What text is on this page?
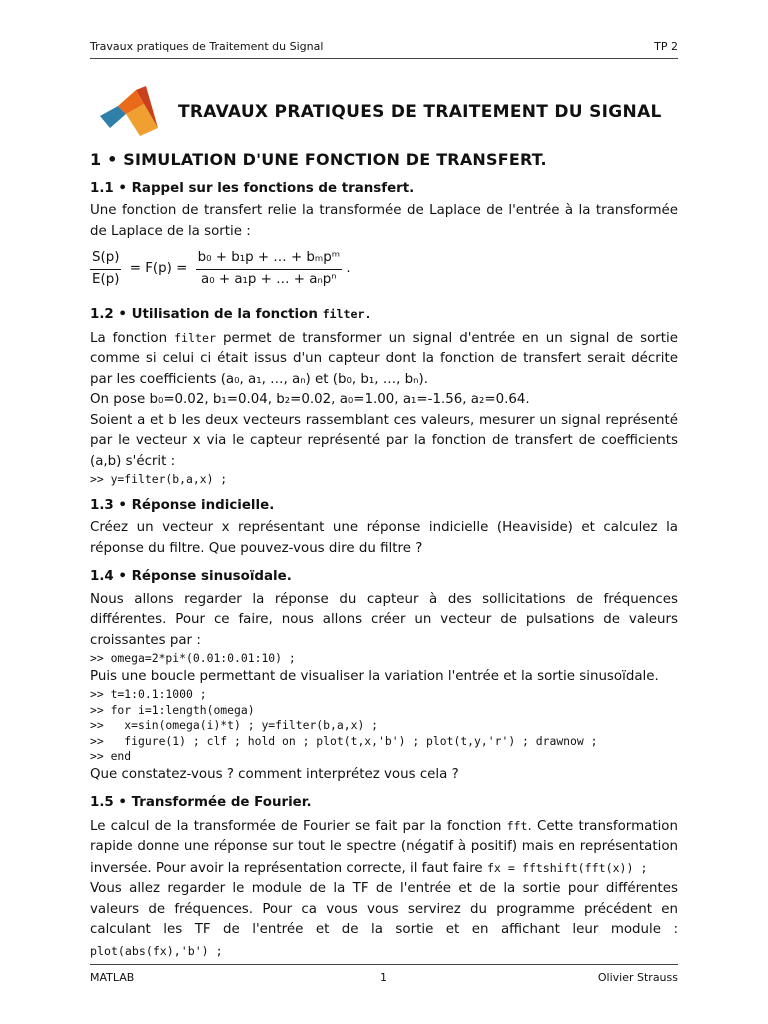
Travaux pratiques de Traitement du Signal	TP 2
TRAVAUX PRATIQUES DE TRAITEMENT DU SIGNAL
1 • SIMULATION D'UNE FONCTION DE TRANSFERT.
1.1 • Rappel sur les fonctions de transfert.

Une fonction de transfert relie la transformée de Laplace de l'entrée à la transformée de Laplace de la sortie :

$\frac{S(p)}{E(p)} = F(p) = \frac{\text{b₀ + b₁p + … + bₘpᵐ}}{\text{a₀ + a₁p + … + aₙpⁿ}}$ .
1.2 • Utilisation de la fonction filter.

La fonction filter permet de transformer un signal d'entrée en un signal de sortie comme si celui ci était issus d'un capteur dont la fonction de transfert serait décrite par les coefficients (a₀, a₁, …, aₙ) et (b₀, b₁, …, bₙ).

On pose b₀=0.02, b₁=0.04, b₂=0.02, a₀=1.00, a₁=-1.56, a₂=0.64.

Soient a et b les deux vecteurs rassemblant ces valeurs, mesurer un signal représenté par le vecteur x via le capteur représenté par la fonction de transfert de coefficients (a,b) s'écrit :

>> y=filter(b,a,x) ;
1.3 • Réponse indicielle.

Créez un vecteur x représentant une réponse indicielle (Heaviside) et calculez la réponse du filtre. Que pouvez-vous dire du filtre ?

1.4 • Réponse sinusoïdale.

Nous allons regarder la réponse du capteur à des sollicitations de fréquences différentes. Pour ce faire, nous allons créer un vecteur de pulsations de valeurs croissantes par :

>> omega=2*pi*(0.01:0.01:10) ;

Puis une boucle permettant de visualiser la variation l'entrée et la sortie sinusoïdale.

>> t=1:0.1:1000 ;
>> for i=1:length(omega)
>>   x=sin(omega(i)*t) ; y=filter(b,a,x) ;
>>   figure(1) ; clf ; hold on ; plot(t,x,'b') ; plot(t,y,'r') ; drawnow ;
>> end

Que constatez-vous ? comment interprétez vous cela ?

1.5 • Transformée de Fourier.

Le calcul de la transformée de Fourier se fait par la fonction fft. Cette transformation rapide donne une réponse sur tout le spectre (négatif à positif) mais en représentation inversée. Pour avoir la représentation correcte, il faut faire fx = fftshift(fft(x)) ;

Vous allez regarder le module de la TF de l'entrée et de la sortie pour différentes valeurs de fréquences. Pour ca vous vous servirez du programme précédent en calculant les TF de l'entrée et de la sortie et en affichant leur module : plot(abs(fx),'b') ;

MATLAB	1	Olivier Strauss
